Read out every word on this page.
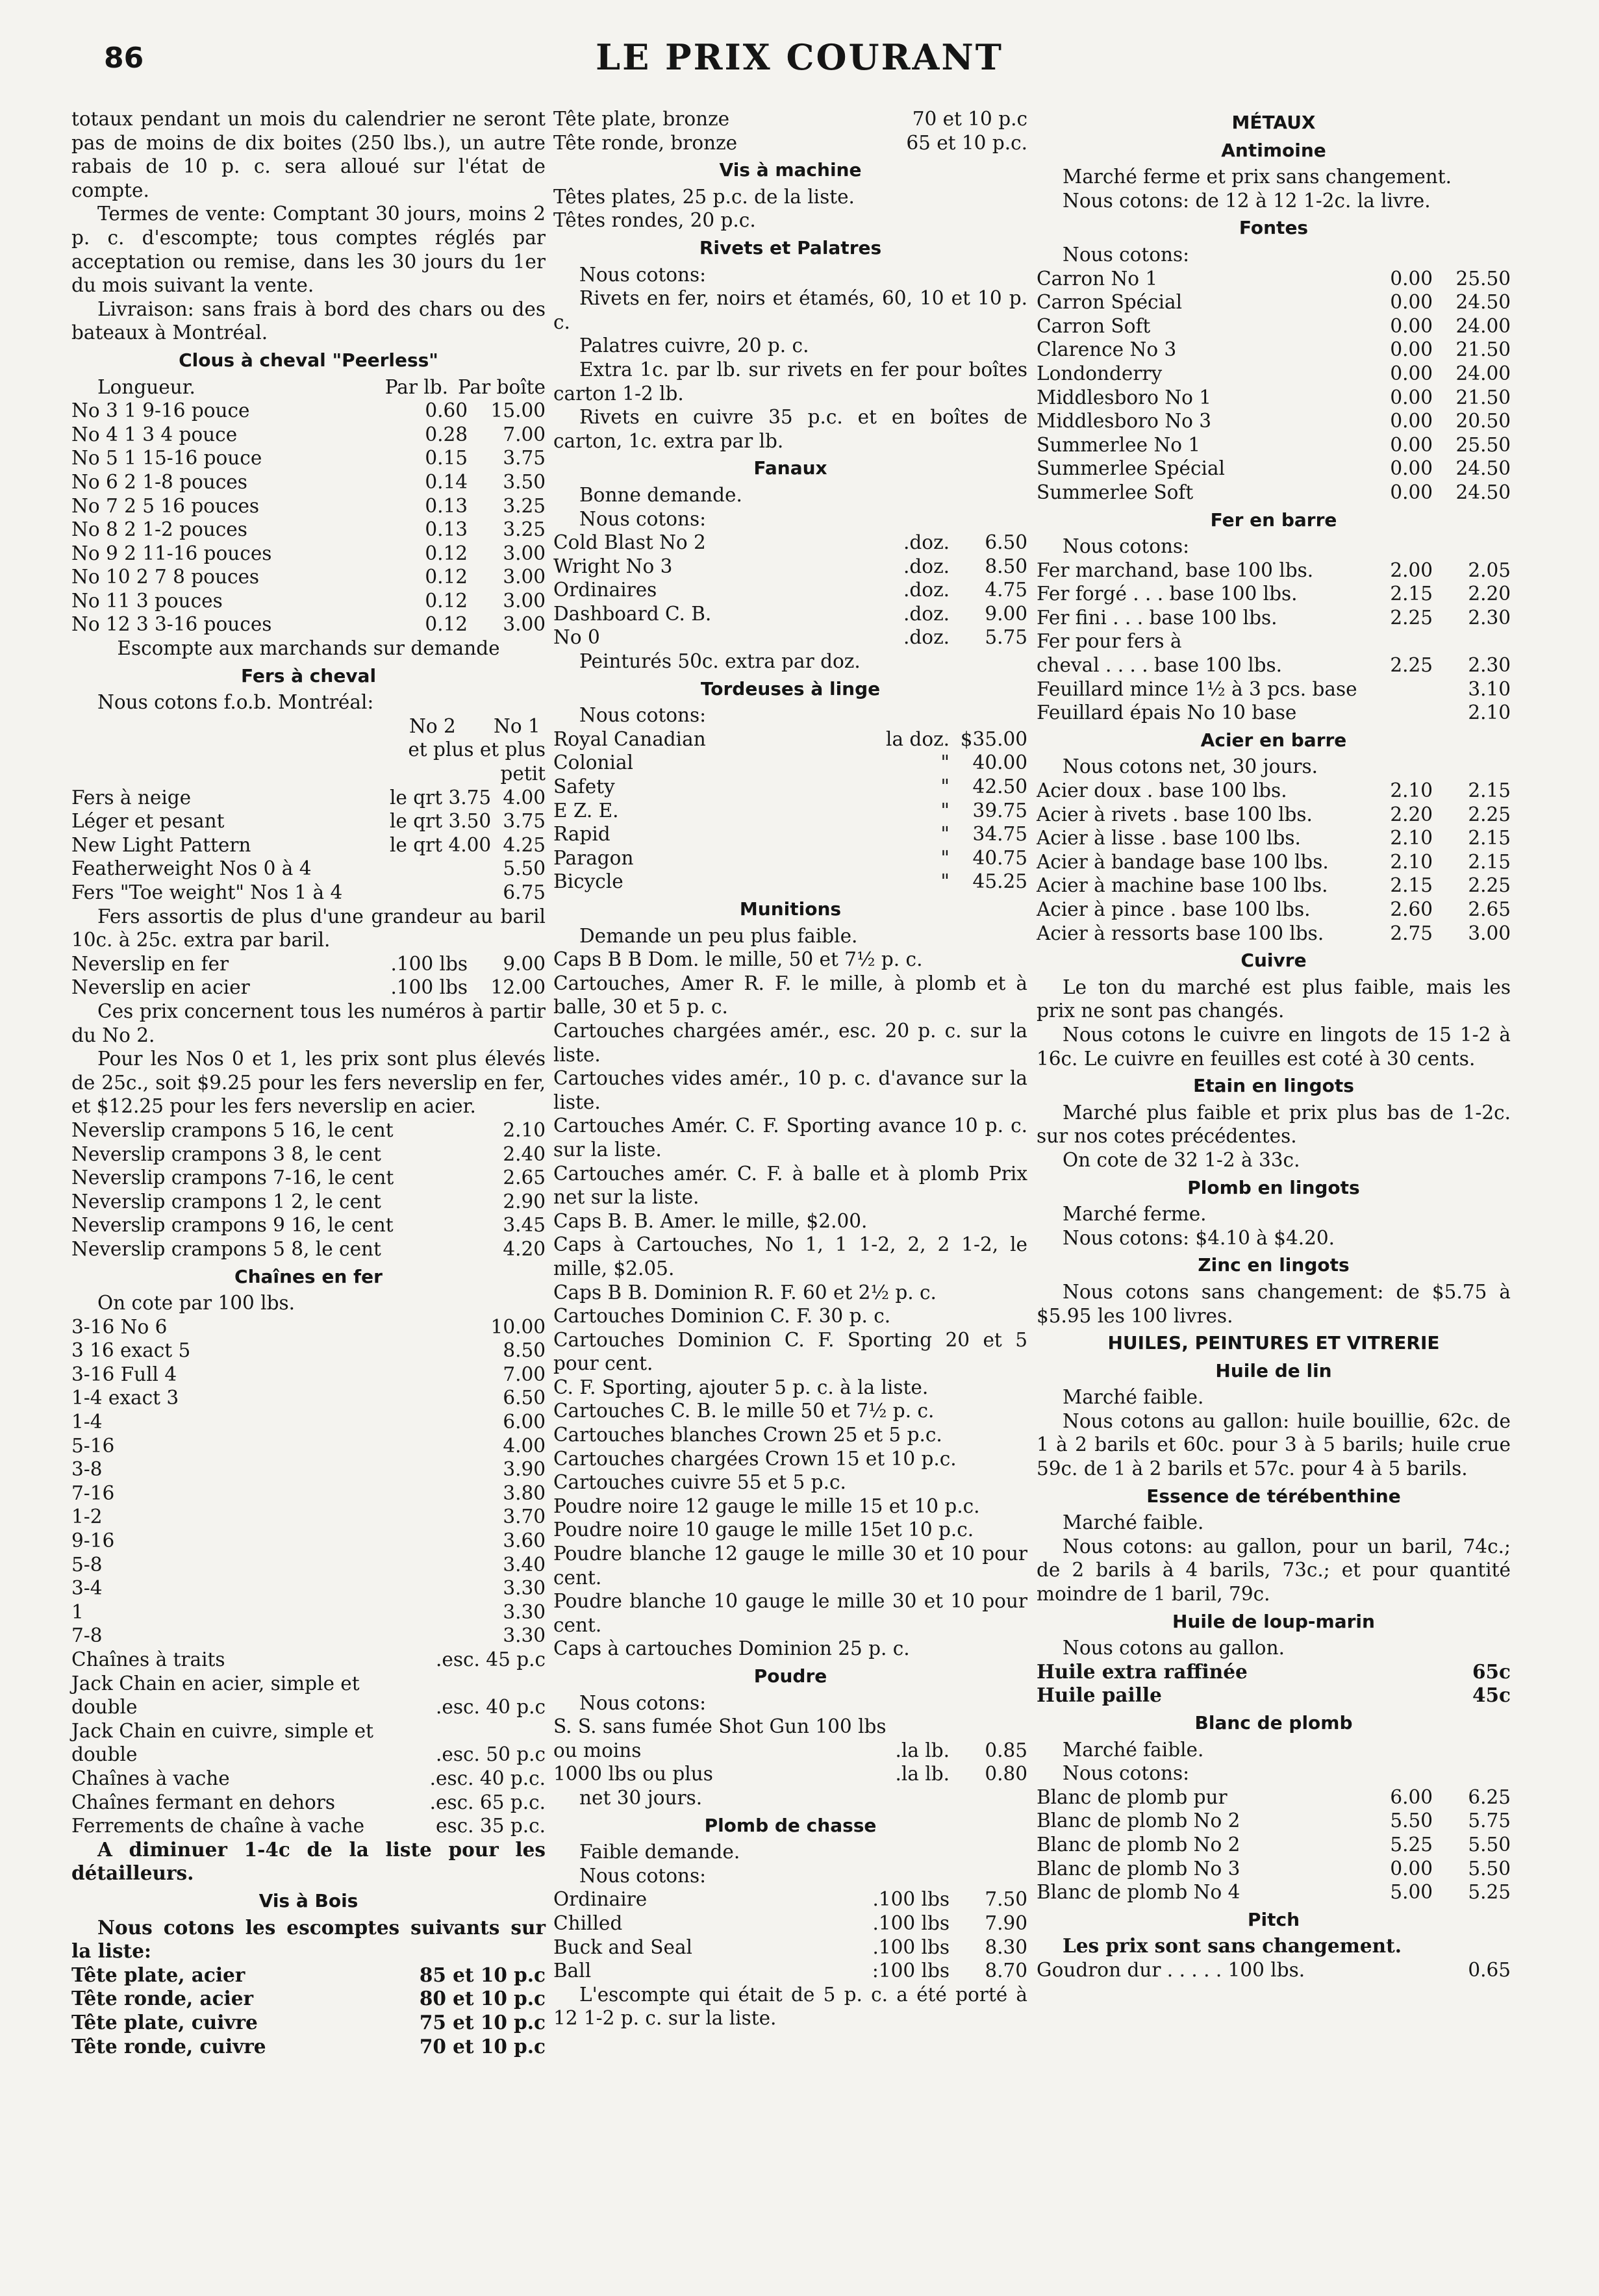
86	LE PRIX COURANT
totaux pendant un mois du calendrier ne seront pas de moins de dix boites (250 lbs.), un autre rabais de 10 p. c. sera alloué sur l'état de compte.
Termes de vente: Comptant 30 jours, moins 2 p. c. d'escompte; tous comptes réglés par acceptation ou remise, dans les 30 jours du 1er du mois suivant la vente.
Livraison: sans frais à bord des chars ou des bateaux à Montréal.
Clous à cheval "Peerless"
Longueur.	Par lb. Par boîte
No 3 1 9-16 pouce	0.60	15.00
No 4 1 3 4 pouce	0.28	7.00
No 5 1 15-16 pouce	0.15	3.75
No 6 2 1-8 pouces	0.14	3.50
No 7 2 5 16 pouces	0.13	3.25
No 8 2 1-2 pouces	0.13	3.25
No 9 2 11-16 pouces	0.12	3.00
No 10 2 7 8 pouces	0.12	3.00
No 11 3 pouces	0.12	3.00
No 12 3 3-16 pouces	0.12	3.00
Escompte aux marchands sur demande
Fers à cheval
Nous cotons f.o.b. Montréal:
No 2	No 1
et plus et plus
petit
Fers à neige	le qrt 3.75 4.00
Léger et pesant	le qrt 3.50 3.75
New Light Pattern	le qrt 4.00 4.25
Featherweight Nos 0 à 4	5.50
Fers "Toe weight" Nos 1 à 4	6.75
Fers assortis de plus d'une grandeur au baril 10c. à 25c. extra par baril.
Neverslip en fer	.100 lbs	9.00
Neverslip en acier	.100 lbs	12.00
Ces prix concernent tous les numéros à partir du No 2.
Pour les Nos 0 et 1, les prix sont plus élevés de 25c., soit $9.25 pour les fers neverslip en fer, et $12.25 pour les fers neverslip en acier.
Neverslip crampons 5 16, le cent	2.10
Neverslip crampons 3 8, le cent	2.40
Neverslip crampons 7-16, le cent	2.65
Neverslip crampons 1 2, le cent	2.90
Neverslip crampons 9 16, le cent	3.45
Neverslip crampons 5 8, le cent	4.20
Chaînes en fer
On cote par 100 lbs.
3-16 No 6	10.00
3 16 exact 5	8.50
3-16 Full 4	7.00
1-4 exact 3	6.50
1-4	6.00
5-16	4.00
3-8	3.90
7-16	3.80
1-2	3.70
9-16	3.60
5-8	3.40
3-4	3.30
1	3.30
7-8	3.30
Chaînes à traits	.esc. 45 p.c
Jack Chain en acier, simple et
double	.esc. 40 p.c
Jack Chain en cuivre, simple et
double	.esc. 50 p.c
Chaînes à vache	.esc. 40 p.c.
Chaînes fermant en dehors	.esc. 65 p.c.
Ferrements de chaîne à vache	esc. 35 p.c.
A diminuer 1-4c de la liste pour les détailleurs.
Vis à Bois
Nous cotons les escomptes suivants sur la liste:
Tête plate, acier	85 et 10 p.c
Tête ronde, acier	80 et 10 p.c
Tête plate, cuivre	75 et 10 p.c
Tête ronde, cuivre	70 et 10 p.c
Tête plate, bronze	70 et 10 p.c
Tête ronde, bronze	65 et 10 p.c.
Vis à machine
Têtes plates, 25 p.c. de la liste.
Têtes rondes, 20 p.c.
Rivets et Palatres
Nous cotons:
Rivets en fer, noirs et étamés, 60, 10 et 10 p. c.
Palatres cuivre, 20 p. c.
Extra 1c. par lb. sur rivets en fer pour boîtes carton 1-2 lb.
Rivets en cuivre 35 p.c. et en boîtes de carton, 1c. extra par lb.
Fanaux
Bonne demande.
Nous cotons:
Cold Blast No 2	.doz.	6.50
Wright No 3	.doz.	8.50
Ordinaires	.doz.	4.75
Dashboard C. B.	.doz.	9.00
No 0	.doz.	5.75
Peinturés 50c. extra par doz.
Tordeuses à linge
Nous cotons:
Royal Canadian	la doz. $35.00
Colonial	"	40.00
Safety	"	42.50
E Z. E.	"	39.75
Rapid	"	34.75
Paragon	"	40.75
Bicycle	"	45.25
Munitions
Demande un peu plus faible.
Caps B B Dom. le mille, 50 et 7½ p. c.
Cartouches, Amer R. F. le mille, à plomb et à balle, 30 et 5 p. c.
Cartouches chargées amér., esc. 20 p. c. sur la liste.
Cartouches vides amér., 10 p. c. d'avance sur la liste.
Cartouches Amér. C. F. Sporting avance 10 p. c. sur la liste.
Cartouches amér. C. F. à balle et à plomb Prix net sur la liste.
Caps B. B. Amer. le mille, $2.00.
Caps à Cartouches, No 1, 1 1-2, 2, 2 1-2, le mille, $2.05.
Caps B B. Dominion R. F. 60 et 2½ p. c.
Cartouches Dominion C. F. 30 p. c.
Cartouches Dominion C. F. Sporting 20 et 5 pour cent.
C. F. Sporting, ajouter 5 p. c. à la liste.
Cartouches C. B. le mille 50 et 7½ p. c.
Cartouches blanches Crown 25 et 5 p.c.
Cartouches chargées Crown 15 et 10 p.c.
Cartouches cuivre 55 et 5 p.c.
Poudre noire 12 gauge le mille 15 et 10 p.c.
Poudre noire 10 gauge le mille 15et 10 p.c.
Poudre blanche 12 gauge le mille 30 et 10 pour cent.
Poudre blanche 10 gauge le mille 30 et 10 pour cent.
Caps à cartouches Dominion 25 p. c.
Poudre
Nous cotons:
S. S. sans fumée Shot Gun 100 lbs
ou moins	.la lb.	0.85
1000 lbs ou plus	.la lb.	0.80
net 30 jours.
Plomb de chasse
Faible demande.
Nous cotons:
Ordinaire	.100 lbs	7.50
Chilled	.100 lbs	7.90
Buck and Seal	.100 lbs	8.30
Ball	:100 lbs	8.70
L'escompte qui était de 5 p. c. a été porté à 12 1-2 p. c. sur la liste.
MÉTAUX
Antimoine
Marché ferme et prix sans changement.
Nous cotons: de 12 à 12 1-2c. la livre.
Fontes
Nous cotons:
Carron No 1	0.00	25.50
Carron Spécial	0.00	24.50
Carron Soft	0.00	24.00
Clarence No 3	0.00	21.50
Londonderry	0.00	24.00
Middlesboro No 1	0.00	21.50
Middlesboro No 3	0.00	20.50
Summerlee No 1	0.00	25.50
Summerlee Spécial	0.00	24.50
Summerlee Soft	0.00	24.50
Fer en barre
Nous cotons:
Fer marchand, base 100 lbs.	2.00	2.05
Fer forgé . . . base 100 lbs.	2.15	2.20
Fer fini . . . base 100 lbs.	2.25	2.30
Fer pour fers à
cheval . . . . base 100 lbs.	2.25	2.30
Feuillard mince 1½ à 3 pcs. base	3.10
Feuillard épais No 10 base	2.10
Acier en barre
Nous cotons net, 30 jours.
Acier doux . base 100 lbs.	2.10	2.15
Acier à rivets . base 100 lbs.	2.20	2.25
Acier à lisse . base 100 lbs.	2.10	2.15
Acier à bandage base 100 lbs.	2.10	2.15
Acier à machine base 100 lbs.	2.15	2.25
Acier à pince . base 100 lbs.	2.60	2.65
Acier à ressorts base 100 lbs.	2.75	3.00
Cuivre
Le ton du marché est plus faible, mais les prix ne sont pas changés.
Nous cotons le cuivre en lingots de 15 1-2 à 16c. Le cuivre en feuilles est coté à 30 cents.
Etain en lingots
Marché plus faible et prix plus bas de 1-2c. sur nos cotes précédentes.
On cote de 32 1-2 à 33c.
Plomb en lingots
Marché ferme.
Nous cotons: $4.10 à $4.20.
Zinc en lingots
Nous cotons sans changement: de $5.75 à $5.95 les 100 livres.
HUILES, PEINTURES ET VITRERIE
Huile de lin
Marché faible.
Nous cotons au gallon: huile bouillie, 62c. de 1 à 2 barils et 60c. pour 3 à 5 barils; huile crue 59c. de 1 à 2 barils et 57c. pour 4 à 5 barils.
Essence de térébenthine
Marché faible.
Nous cotons: au gallon, pour un baril, 74c.; de 2 barils à 4 barils, 73c.; et pour quantité moindre de 1 baril, 79c.
Huile de loup-marin
Nous cotons au gallon.
Huile extra raffinée	65c
Huile paille	45c
Blanc de plomb
Marché faible.
Nous cotons:
Blanc de plomb pur	6.00	6.25
Blanc de plomb No 2	5.50	5.75
Blanc de plomb No 2	5.25	5.50
Blanc de plomb No 3	0.00	5.50
Blanc de plomb No 4	5.00	5.25
Pitch
Les prix sont sans changement.
Goudron dur . . . . . 100 lbs.	0.65
